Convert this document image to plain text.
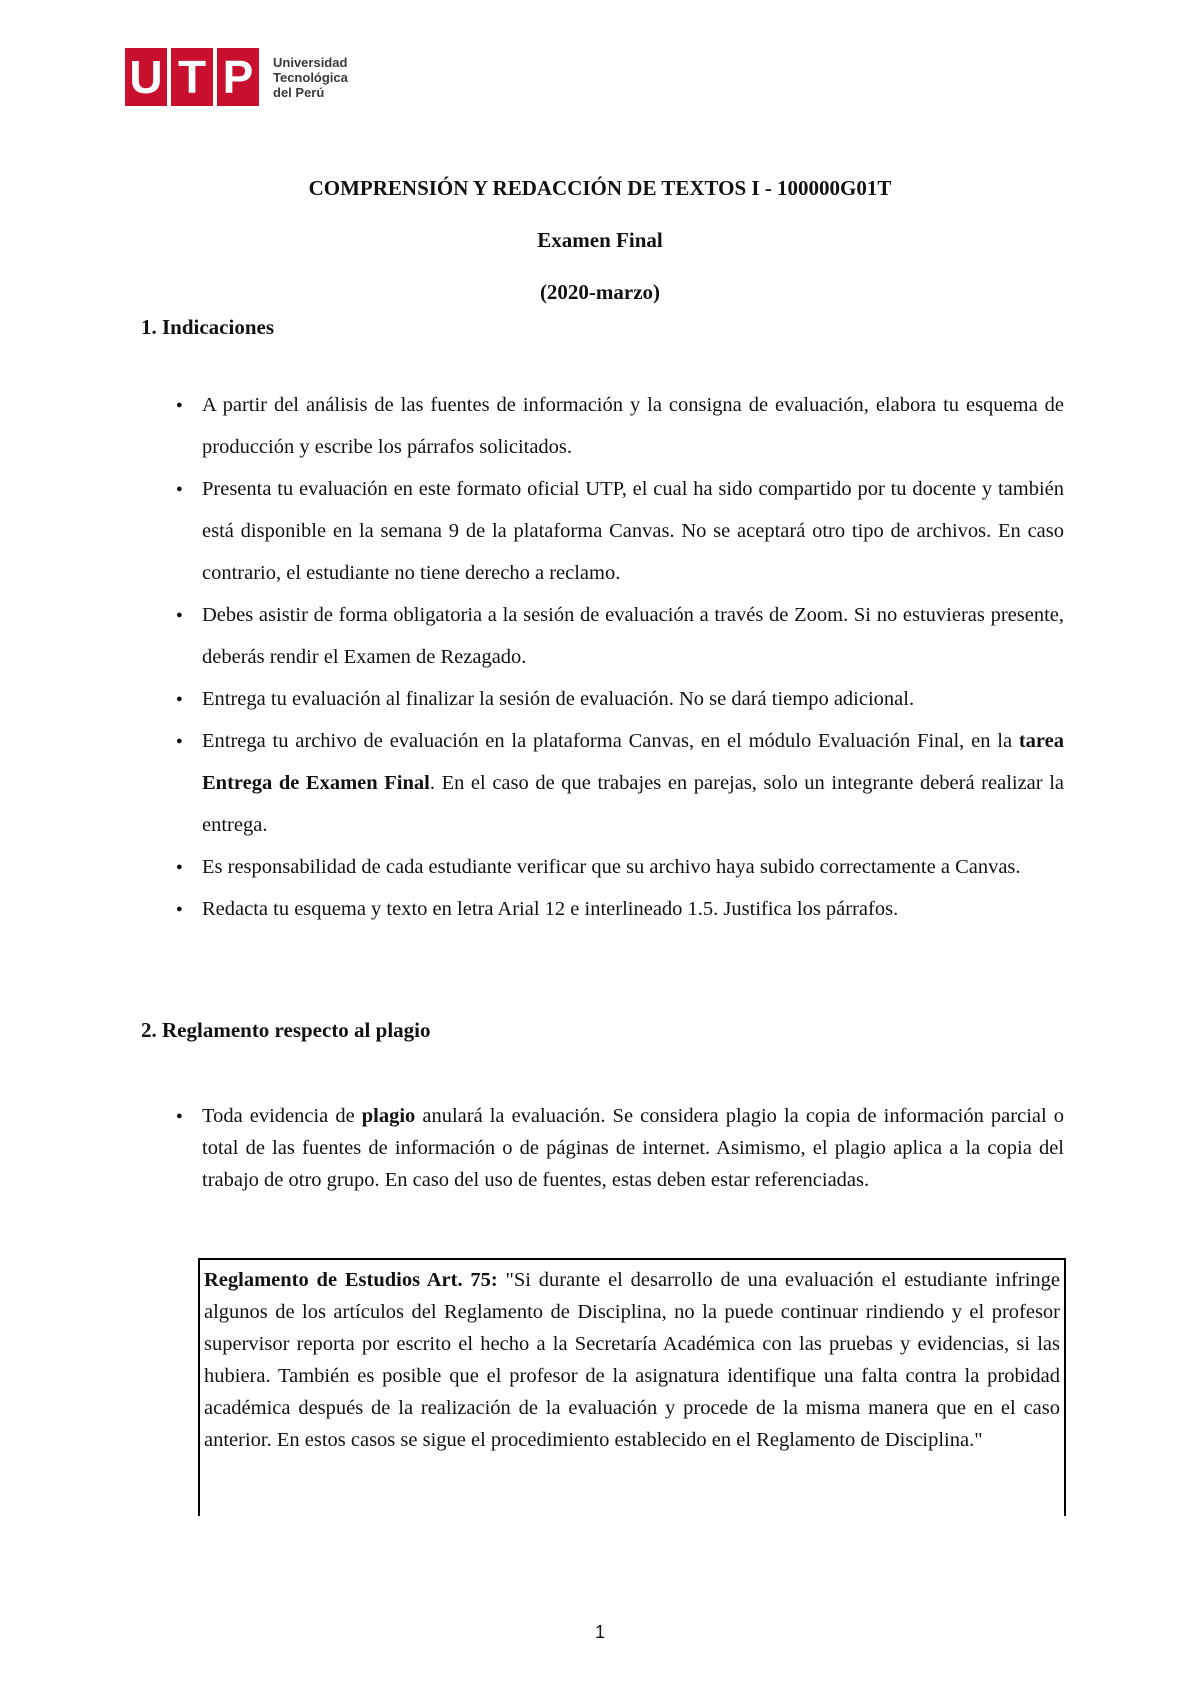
U T P	Universidad
Tecnológica
del Perú
COMPRENSIÓN Y REDACCIÓN DE TEXTOS I - 100000G01T
Examen Final
(2020-marzo)
1. Indicaciones
● A partir del análisis de las fuentes de información y la consigna de evaluación, elabora tu esquema de producción y escribe los párrafos solicitados.
● Presenta tu evaluación en este formato oficial UTP, el cual ha sido compartido por tu docente y también está disponible en la semana 9 de la plataforma Canvas. No se aceptará otro tipo de archivos. En caso contrario, el estudiante no tiene derecho a reclamo.
● Debes asistir de forma obligatoria a la sesión de evaluación a través de Zoom. Si no estuvieras presente, deberás rendir el Examen de Rezagado.
● Entrega tu evaluación al finalizar la sesión de evaluación. No se dará tiempo adicional.
● Entrega tu archivo de evaluación en la plataforma Canvas, en el módulo Evaluación Final, en la tarea Entrega de Examen Final. En el caso de que trabajes en parejas, solo un integrante deberá realizar la entrega.
● Es responsabilidad de cada estudiante verificar que su archivo haya subido correctamente a Canvas.
● Redacta tu esquema y texto en letra Arial 12 e interlineado 1.5. Justifica los párrafos.
2. Reglamento respecto al plagio
● Toda evidencia de plagio anulará la evaluación. Se considera plagio la copia de información parcial o total de las fuentes de información o de páginas de internet. Asimismo, el plagio aplica a la copia del trabajo de otro grupo. En caso del uso de fuentes, estas deben estar referenciadas.
Reglamento de Estudios Art. 75: "Si durante el desarrollo de una evaluación el estudiante infringe algunos de los artículos del Reglamento de Disciplina, no la puede continuar rindiendo y el profesor supervisor reporta por escrito el hecho a la Secretaría Académica con las pruebas y evidencias, si las hubiera. También es posible que el profesor de la asignatura identifique una falta contra la probidad académica después de la realización de la evaluación y procede de la misma manera que en el caso anterior. En estos casos se sigue el procedimiento establecido en el Reglamento de Disciplina."
1
